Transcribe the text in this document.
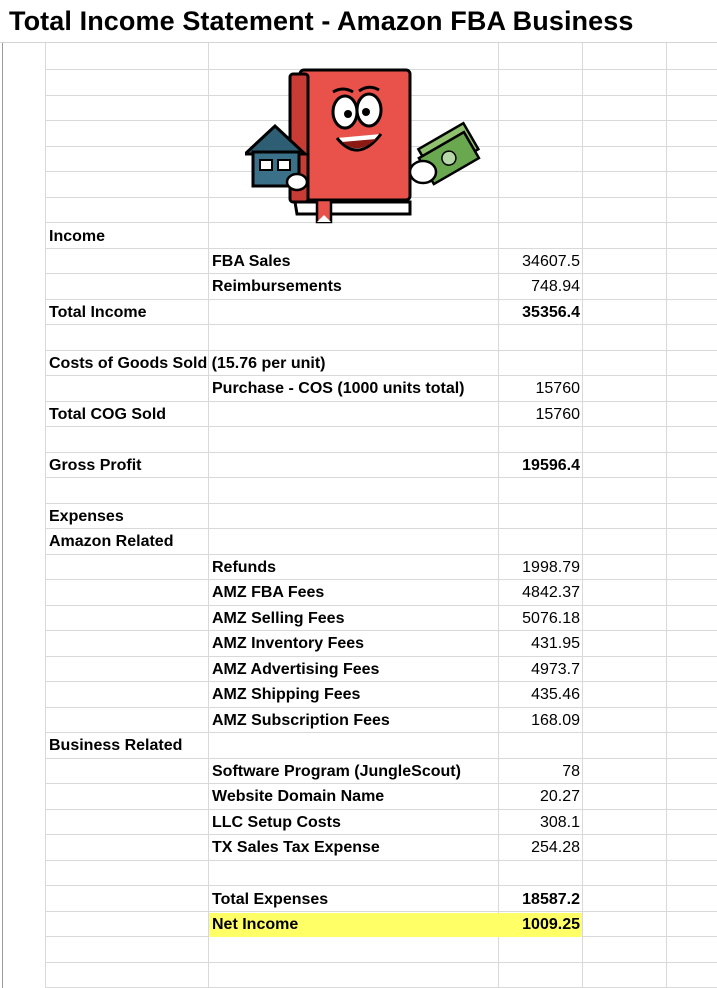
Total Income Statement - Amazon FBA Business
Income
FBA Sales	34607.5
Reimbursements	748.94
Total Income	35356.4
Costs of Goods Sold (15.76 per unit)
Purchase - COS (1000 units total)	15760
Total COG Sold	15760
Gross Profit	19596.4
Expenses
Amazon Related
Refunds	1998.79
AMZ FBA Fees	4842.37
AMZ Selling Fees	5076.18
AMZ Inventory Fees	431.95
AMZ Advertising Fees	4973.7
AMZ Shipping Fees	435.46
AMZ Subscription Fees	168.09
Business Related
Software Program (JungleScout)	78
Website Domain Name	20.27
LLC Setup Costs	308.1
TX Sales Tax Expense	254.28
Total Expenses	18587.2
Net Income	1009.25
